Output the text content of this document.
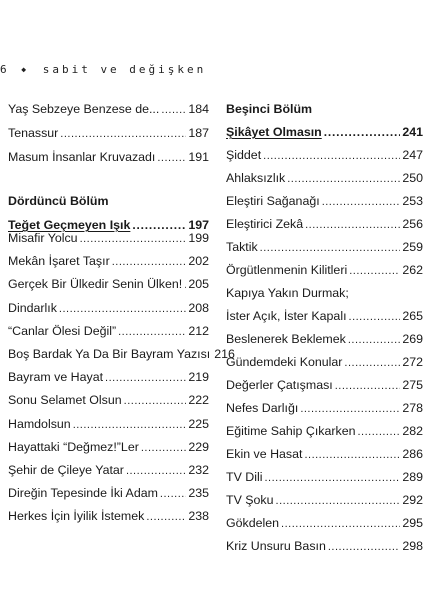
6 ◆ sabit ve değişken
Yaş Sebzeye Benzese de... ..... 184
Tenassur .....	187
Masum İnsanlar Kruvazadı .....	191
Dördüncü Bölüm
Teğet Geçmeyen Işık .....	197
Misafir Yolcu .....	199
Mekân İşaret Taşır .....	202
Gerçek Bir Ülkedir Senin Ülken! ..... 205
Dindarlık .....	208
“Canlar Ölesi Değil” .....	212
Boş Bardak Ya Da Bir Bayram Yazısı 216
Bayram ve Hayat .....	219
Sonu Selamet Olsun .....	222
Hamdolsun .....	225
Hayattaki “Değmez!”Ler .....	229
Şehir de Çileye Yatar .....	232
Direğin Tepesinde İki Adam ..... 235
Herkes İçin İyilik İstemek .....	238
Beşinci Bölüm
Şikâyet Olmasın .....	241
Şiddet .....	247
Ahlaksızlık .....	250
Eleştiri Sağanağı .....	253
Eleştirici Zekâ .....	256
Taktik .....	259
Örgütlenmenin Kilitleri .....	262
Kapıya Yakın Durmak;
İster Açık, İster Kapalı .....	265
Beslenerek Beklemek .....	269
Gündemdeki Konular .....	272
Değerler Çatışması .....	275
Nefes Darlığı .....	278
Eğitime Sahip Çıkarken .....	282
Ekin ve Hasat .....	286
TV Dili .....	289
TV Şoku .....	292
Gökdelen .....	295
Kriz Unsuru Basın .....	298
